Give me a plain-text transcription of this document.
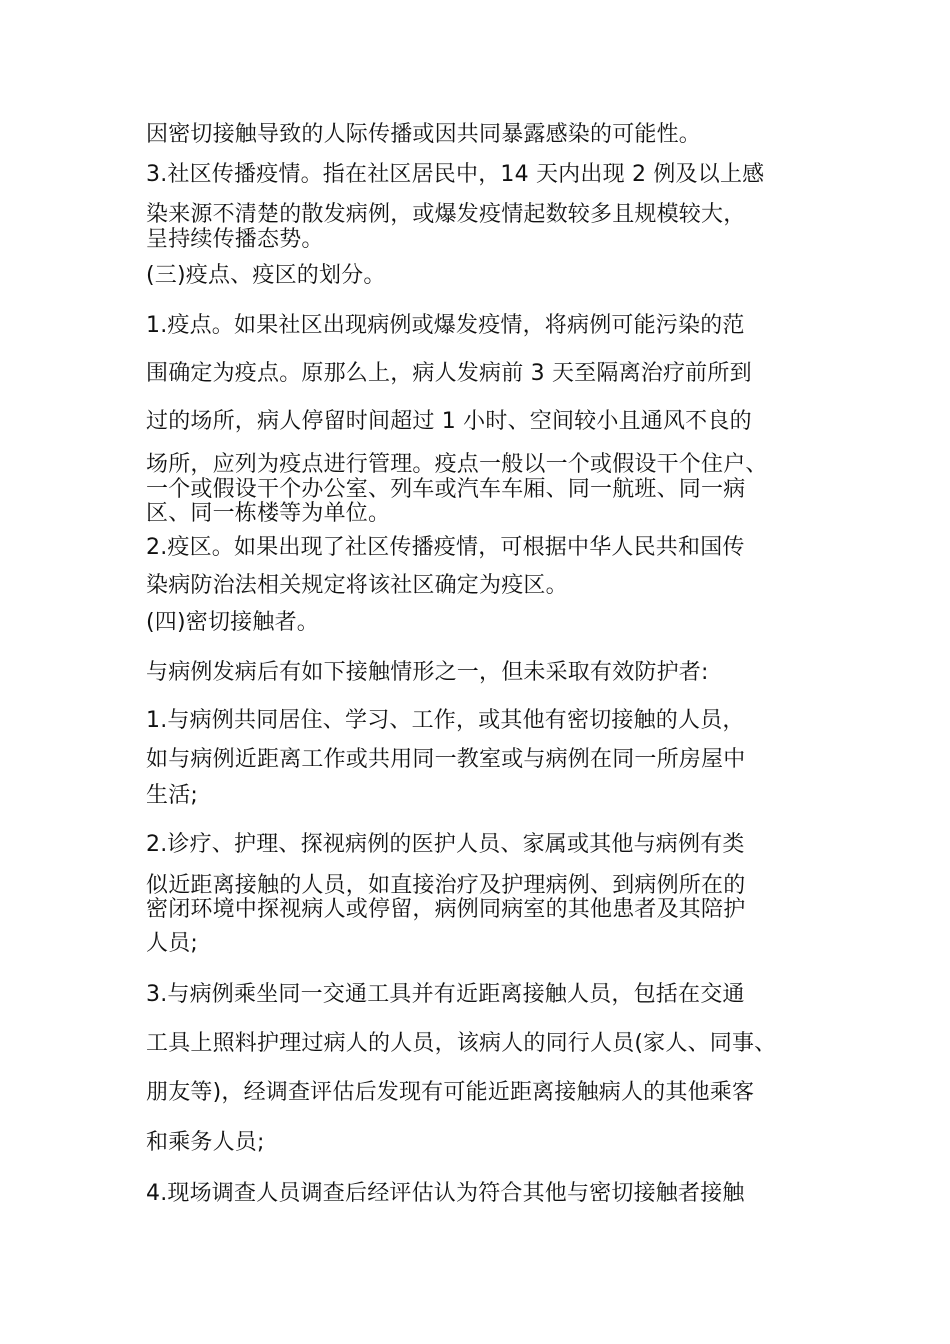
因密切接触导致的人际传播或因共同暴露感染的可能性。
3.社区传播疫情。指在社区居民中，14 天内出现 2 例及以上感
染来源不清楚的散发病例，或爆发疫情起数较多且规模较大，
呈持续传播态势。
(三)疫点、疫区的划分。
1.疫点。如果社区出现病例或爆发疫情，将病例可能污染的范
围确定为疫点。原那么上，病人发病前 3 天至隔离治疗前所到
过的场所，病人停留时间超过 1 小时、空间较小且通风不良的
场所，应列为疫点进行管理。疫点一般以一个或假设干个住户、
一个或假设干个办公室、列车或汽车车厢、同一航班、同一病
区、同一栋楼等为单位。
2.疫区。如果出现了社区传播疫情，可根据中华人民共和国传
染病防治法相关规定将该社区确定为疫区。
(四)密切接触者。
与病例发病后有如下接触情形之一，但未采取有效防护者:
1.与病例共同居住、学习、工作，或其他有密切接触的人员，
如与病例近距离工作或共用同一教室或与病例在同一所房屋中
生活;
2.诊疗、护理、探视病例的医护人员、家属或其他与病例有类
似近距离接触的人员，如直接治疗及护理病例、到病例所在的
密闭环境中探视病人或停留，病例同病室的其他患者及其陪护
人员;
3.与病例乘坐同一交通工具并有近距离接触人员，包括在交通
工具上照料护理过病人的人员，该病人的同行人员(家人、同事、
朋友等)，经调查评估后发现有可能近距离接触病人的其他乘客
和乘务人员;
4.现场调查人员调查后经评估认为符合其他与密切接触者接触
